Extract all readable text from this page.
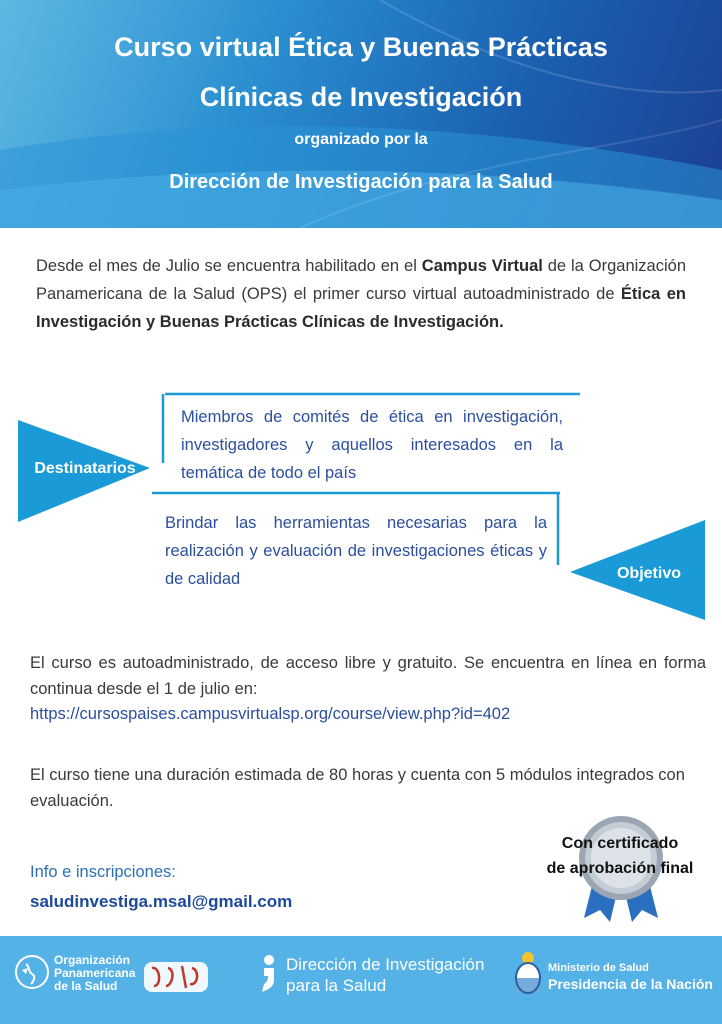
Curso virtual Ética y Buenas Prácticas
Clínicas de Investigación
organizado por la
Dirección de Investigación para la Salud

Desde el mes de Julio se encuentra habilitado en el Campus Virtual de la Organización Panamericana de la Salud (OPS) el primer curso virtual autoadministrado de Ética en Investigación y Buenas Prácticas Clínicas de Investigación.

Destinatarios
Miembros de comités de ética en investigación, investigadores y aquellos interesados en la temática de todo el país
Brindar las herramientas necesarias para la realización y evaluación de investigaciones éticas y de calidad	Objetivo

El curso es autoadministrado, de acceso libre y gratuito. Se encuentra en línea en forma continua desde el 1 de julio en:

https://cursospaises.campusvirtualsp.org/course/view.php?id=402

El curso tiene una duración estimada de 80 horas y cuenta con 5 módulos integrados con evaluación.

Info e inscripciones:
saludinvestiga.msal@gmail.com
Con certificado
de aprobación final
Organización
Panamericana
de la Salud
Dirección de Investigación
para la Salud
Ministerio de Salud
Presidencia de la Nación
